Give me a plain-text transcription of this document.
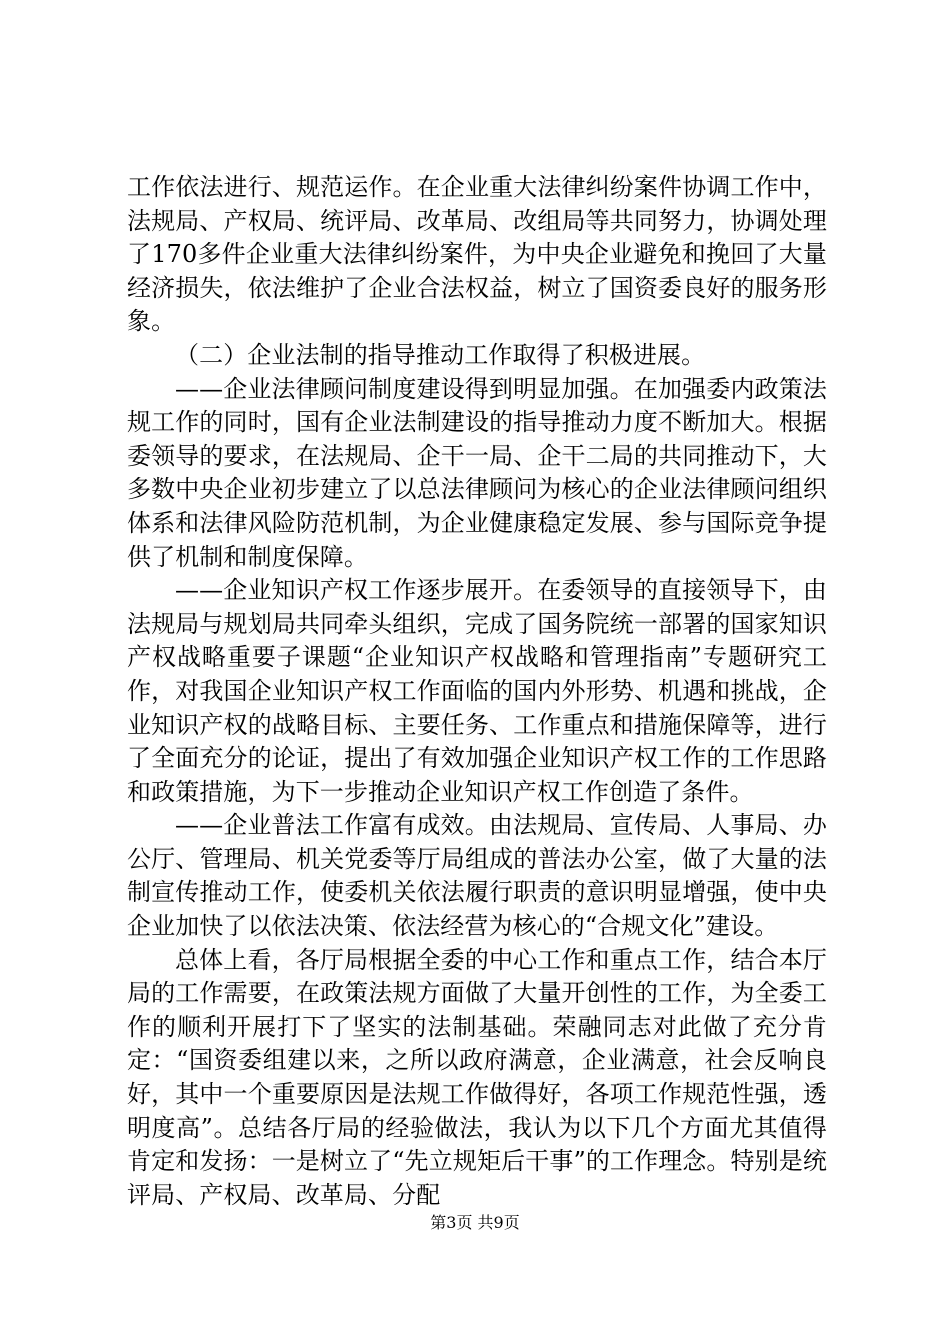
工作依法进行、规范运作。在企业重大法律纠纷案件协调工作中，法规局、产权局、统评局、改革局、改组局等共同努力，协调处理了170多件企业重大法律纠纷案件，为中央企业避免和挽回了大量经济损失，依法维护了企业合法权益，树立了国资委良好的服务形象。

（二）企业法制的指导推动工作取得了积极进展。

——企业法律顾问制度建设得到明显加强。在加强委内政策法规工作的同时，国有企业法制建设的指导推动力度不断加大。根据委领导的要求，在法规局、企干一局、企干二局的共同推动下，大多数中央企业初步建立了以总法律顾问为核心的企业法律顾问组织体系和法律风险防范机制，为企业健康稳定发展、参与国际竞争提供了机制和制度保障。

——企业知识产权工作逐步展开。在委领导的直接领导下，由法规局与规划局共同牵头组织，完成了国务院统一部署的国家知识产权战略重要子课题“企业知识产权战略和管理指南”专题研究工作，对我国企业知识产权工作面临的国内外形势、机遇和挑战，企业知识产权的战略目标、主要任务、工作重点和措施保障等，进行了全面充分的论证，提出了有效加强企业知识产权工作的工作思路和政策措施，为下一步推动企业知识产权工作创造了条件。

——企业普法工作富有成效。由法规局、宣传局、人事局、办公厅、管理局、机关党委等厅局组成的普法办公室，做了大量的法制宣传推动工作，使委机关依法履行职责的意识明显增强，使中央企业加快了以依法决策、依法经营为核心的“合规文化”建设。

总体上看，各厅局根据全委的中心工作和重点工作，结合本厅局的工作需要，在政策法规方面做了大量开创性的工作，为全委工作的顺利开展打下了坚实的法制基础。荣融同志对此做了充分肯定：“国资委组建以来，之所以政府满意，企业满意，社会反响良好，其中一个重要原因是法规工作做得好，各项工作规范性强，透明度高”。总结各厅局的经验做法，我认为以下几个方面尤其值得肯定和发扬：一是树立了“先立规矩后干事”的工作理念。特别是统评局、产权局、改革局、分配

第3页 共9页
